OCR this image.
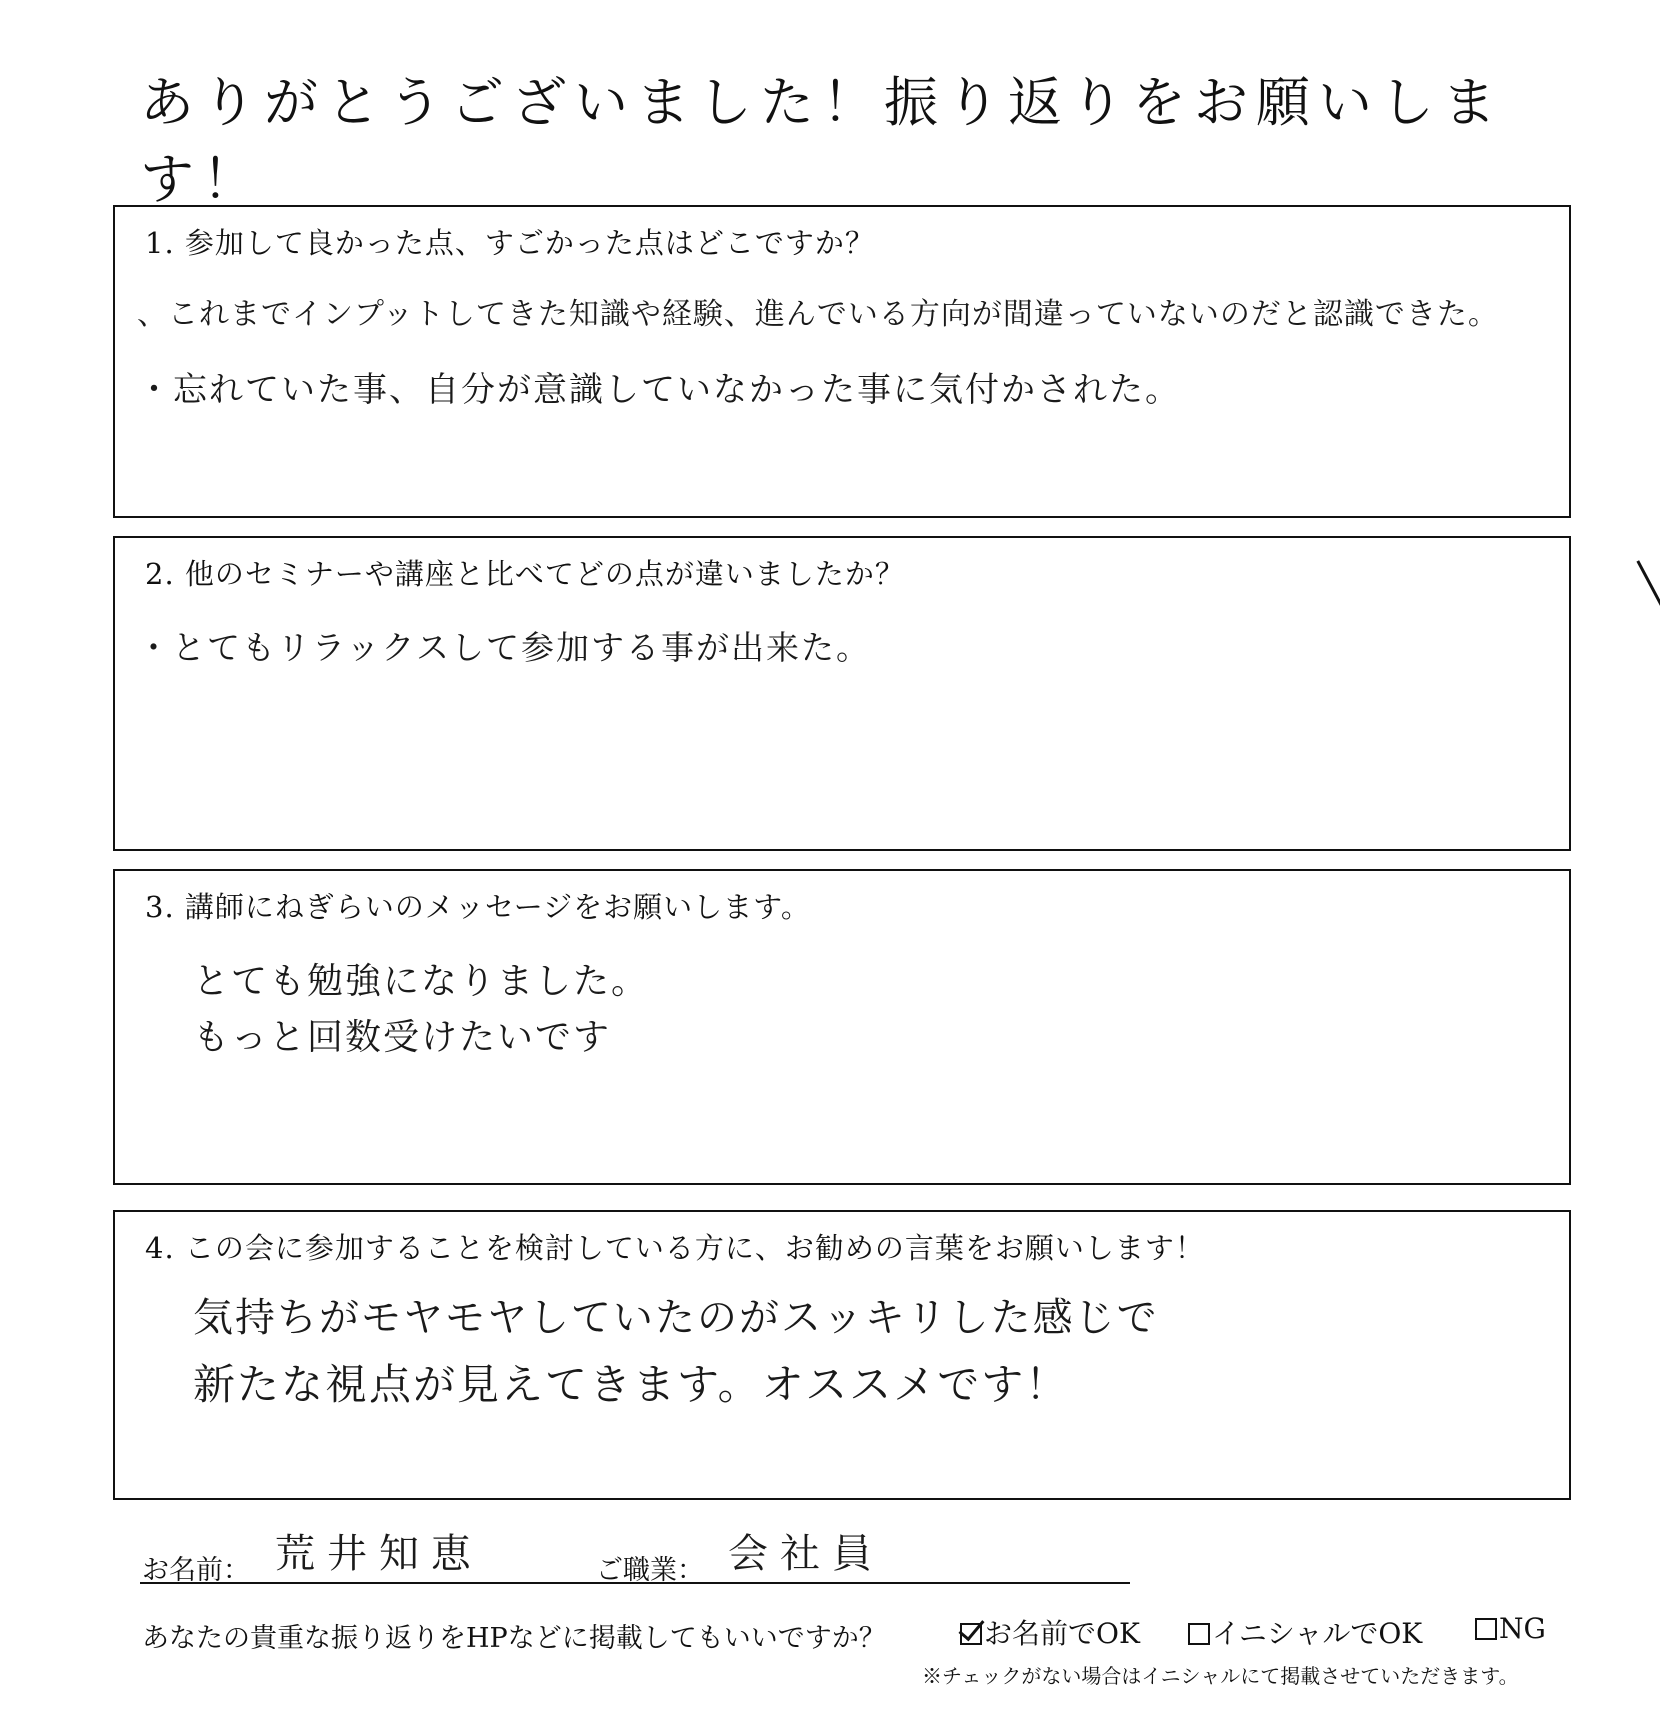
ありがとうございました！振り返りをお願いします！
1. 参加して良かった点、すごかった点はどこですか？
、これまでインプットしてきた知識や経験、進んでいる方向が間違っていないのだと認識できた。
・忘れていた事、自分が意識していなかった事に気付かされた。
2. 他のセミナーや講座と比べてどの点が違いましたか？
・とてもリラックスして参加する事が出来た。
3. 講師にねぎらいのメッセージをお願いします。
とても勉強になりました。
もっと回数受けたいです
4. この会に参加することを検討している方に、お勧めの言葉をお願いします！
気持ちがモヤモヤしていたのがスッキリした感じで
新たな視点が見えてきます。オススメです！
お名前： 荒井知恵	ご職業： 会社員
あなたの貴重な振り返りをHPなどに掲載してもいいですか？	お名前でOK	イニシャルでOK	NG
※チェックがない場合はイニシャルにて掲載させていただきます。
